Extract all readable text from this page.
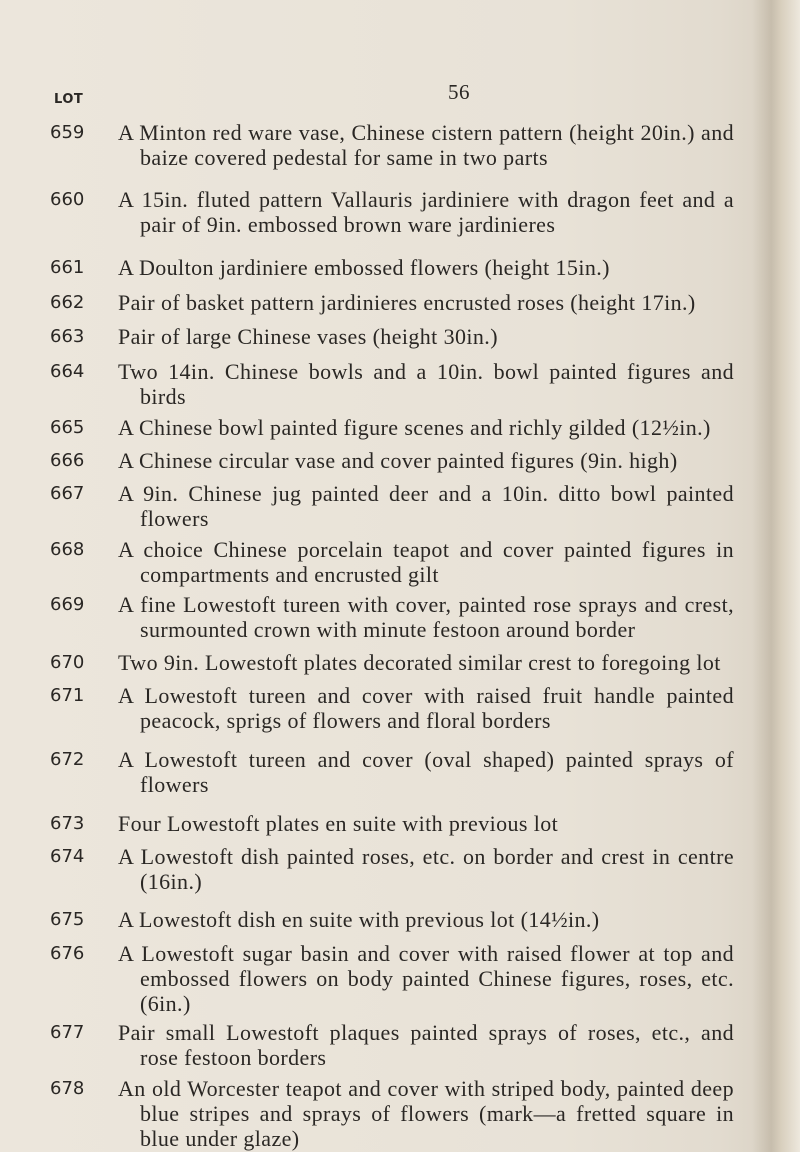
56
LOT
659 A Minton red ware vase, Chinese cistern pattern (height 20in.) and baize covered pedestal for same in two parts
660 A 15in. fluted pattern Vallauris jardiniere with dragon feet and a pair of 9in. embossed brown ware jardinieres
661 A Doulton jardiniere embossed flowers (height 15in.)
662 Pair of basket pattern jardinieres encrusted roses (height 17in.)
663 Pair of large Chinese vases (height 30in.)
664 Two 14in. Chinese bowls and a 10in. bowl painted figures and birds
665 A Chinese bowl painted figure scenes and richly gilded (12½in.)
666 A Chinese circular vase and cover painted figures (9in. high)
667 A 9in. Chinese jug painted deer and a 10in. ditto bowl painted flowers
668 A choice Chinese porcelain teapot and cover painted figures in compartments and encrusted gilt
669 A fine Lowestoft tureen with cover, painted rose sprays and crest, surmounted crown with minute festoon around border
670 Two 9in. Lowestoft plates decorated similar crest to foregoing lot
671 A Lowestoft tureen and cover with raised fruit handle painted peacock, sprigs of flowers and floral borders
672 A Lowestoft tureen and cover (oval shaped) painted sprays of flowers
673 Four Lowestoft plates en suite with previous lot
674 A Lowestoft dish painted roses, etc. on border and crest in centre (16in.)
675 A Lowestoft dish en suite with previous lot (14½in.)
676 A Lowestoft sugar basin and cover with raised flower at top and embossed flowers on body painted Chinese figures, roses, etc. (6in.)
677 Pair small Lowestoft plaques painted sprays of roses, etc., and rose festoon borders
678 An old Worcester teapot and cover with striped body, painted deep blue stripes and sprays of flowers (mark—a fretted square in blue under glaze)
